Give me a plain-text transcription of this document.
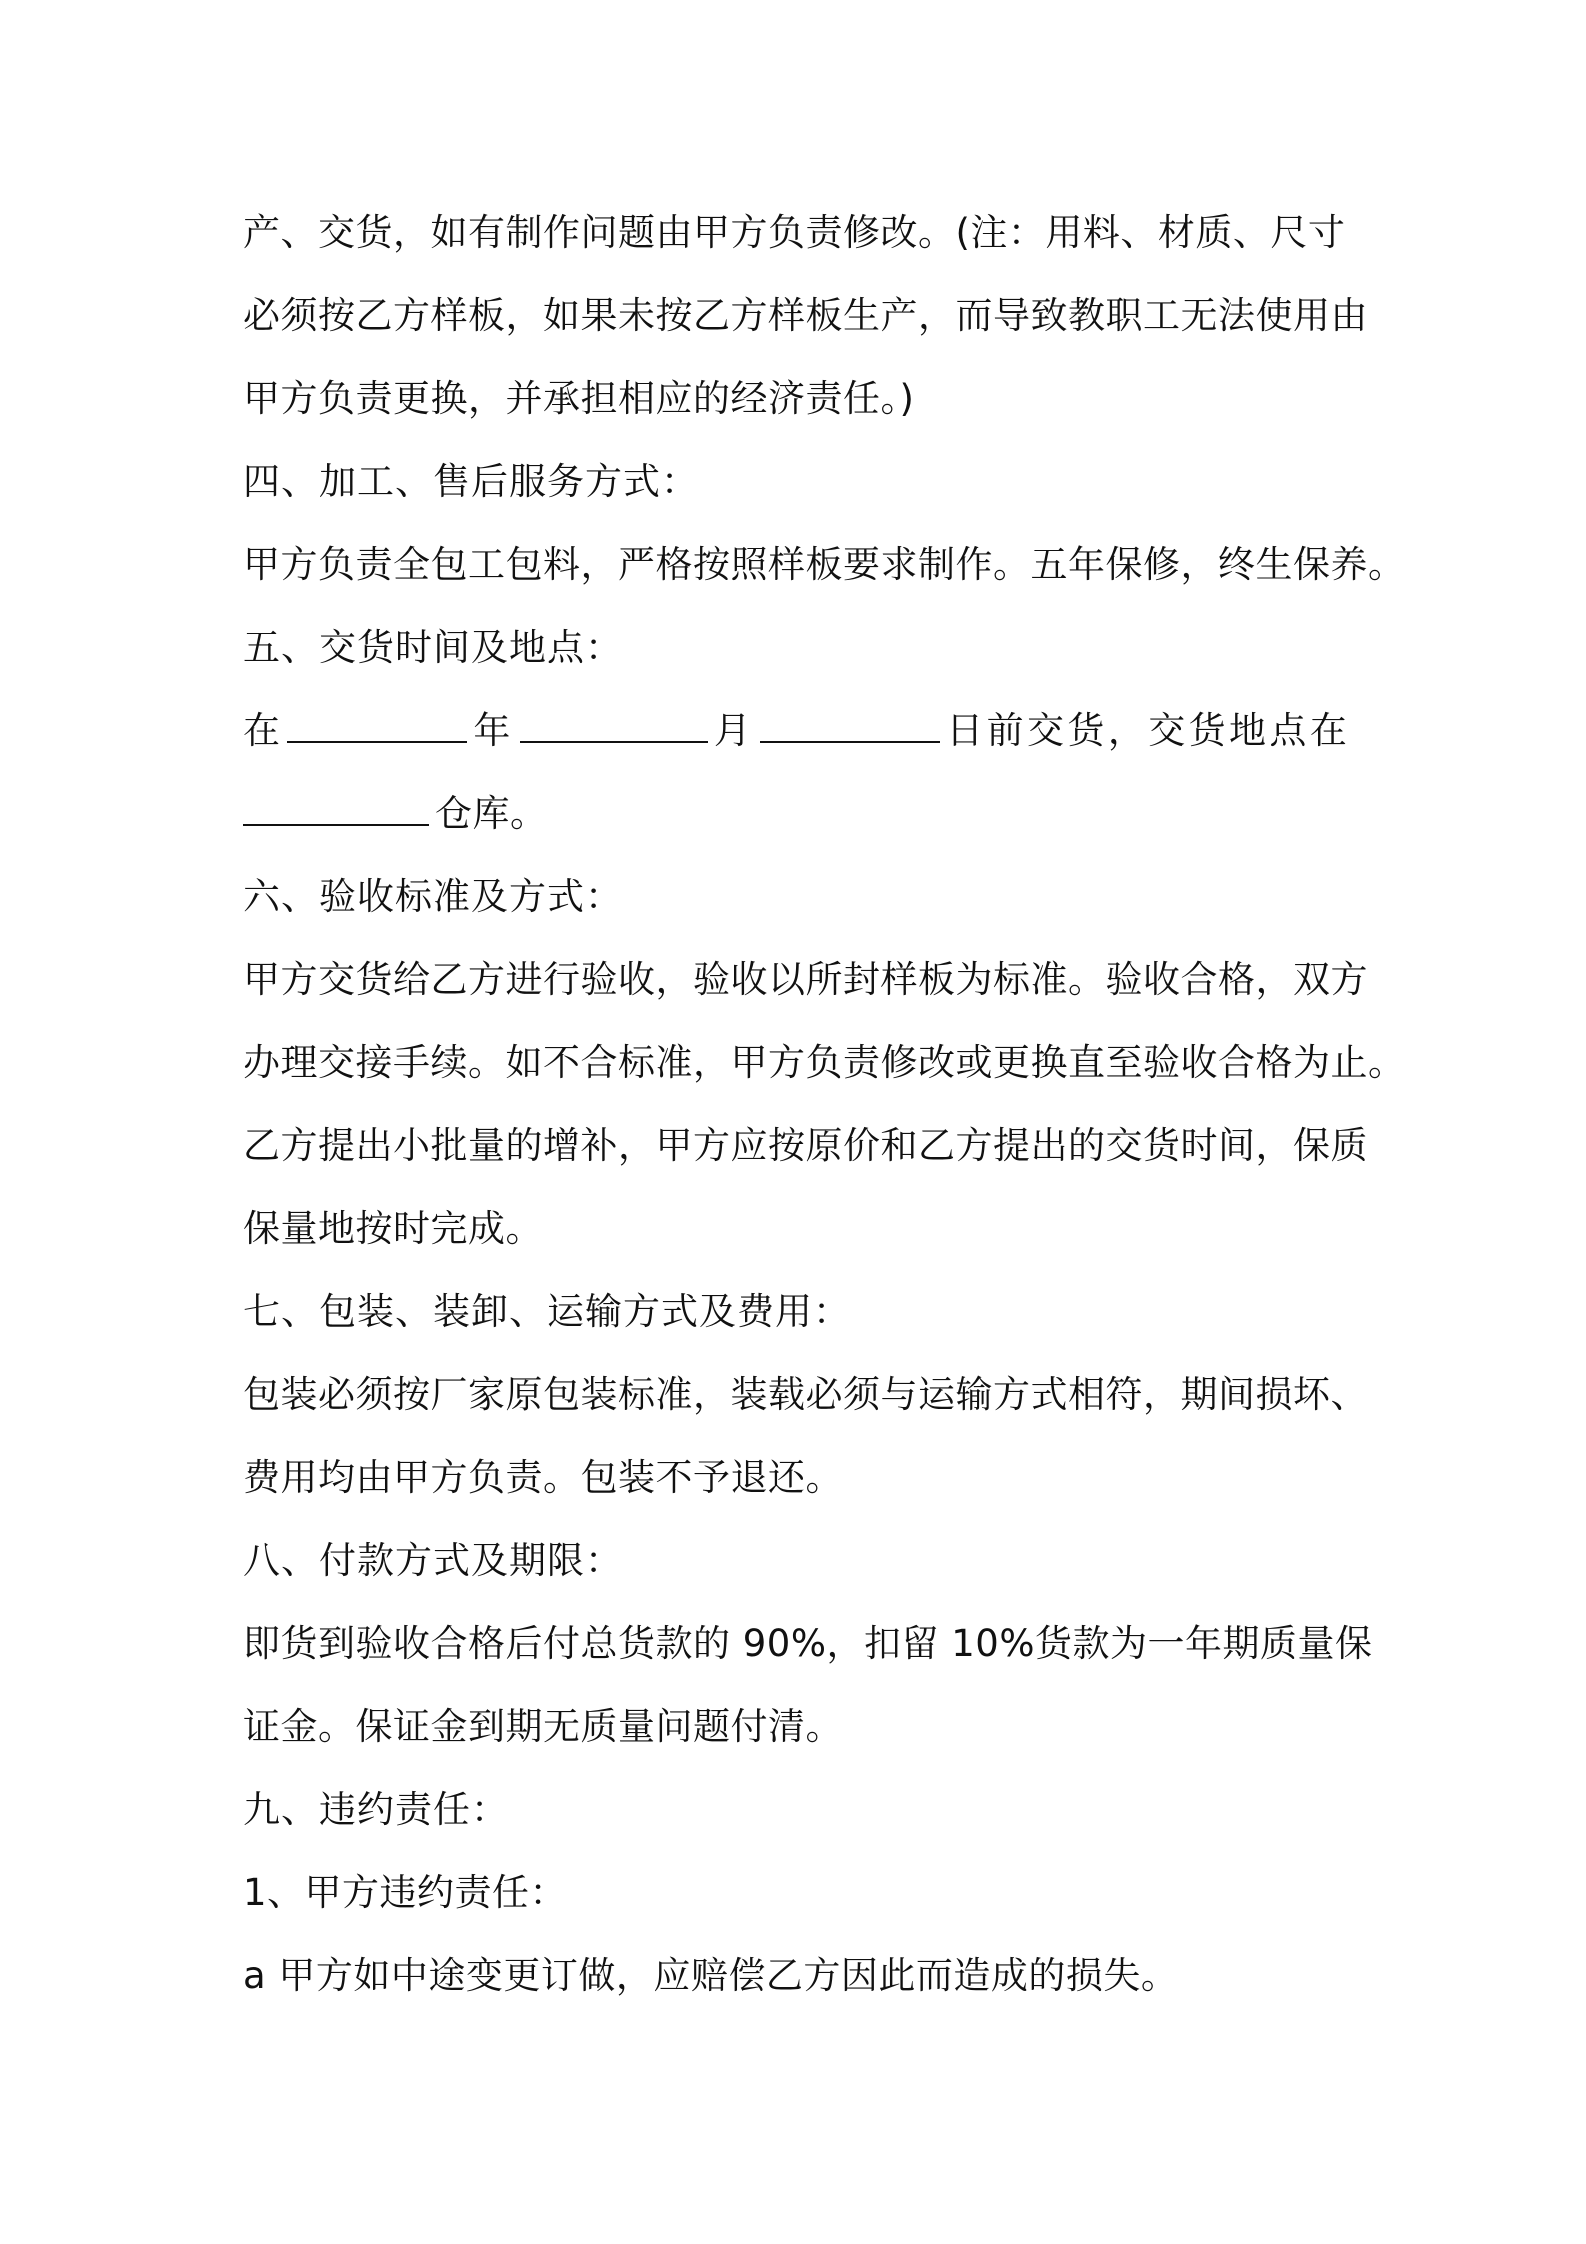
产、交货，如有制作问题由甲方负责修改。(注：用料、材质、尺寸
必须按乙方样板，如果未按乙方样板生产，而导致教职工无法使用由
甲方负责更换，并承担相应的经济责任。)
四、加工、售后服务方式：
甲方负责全包工包料，严格按照样板要求制作。五年保修，终生保养。
五、交货时间及地点：
在	年	月	日前交货，交货地点在
仓库。
六、验收标准及方式：
甲方交货给乙方进行验收，验收以所封样板为标准。验收合格，双方
办理交接手续。如不合标准，甲方负责修改或更换直至验收合格为止。
乙方提出小批量的增补，甲方应按原价和乙方提出的交货时间，保质
保量地按时完成。
七、包装、装卸、运输方式及费用：
包装必须按厂家原包装标准，装载必须与运输方式相符，期间损坏、
费用均由甲方负责。包装不予退还。
八、付款方式及期限：
即货到验收合格后付总货款的 90%，扣留 10%货款为一年期质量保
证金。保证金到期无质量问题付清。
九、违约责任：
1、甲方违约责任：
a 甲方如中途变更订做，应赔偿乙方因此而造成的损失。
